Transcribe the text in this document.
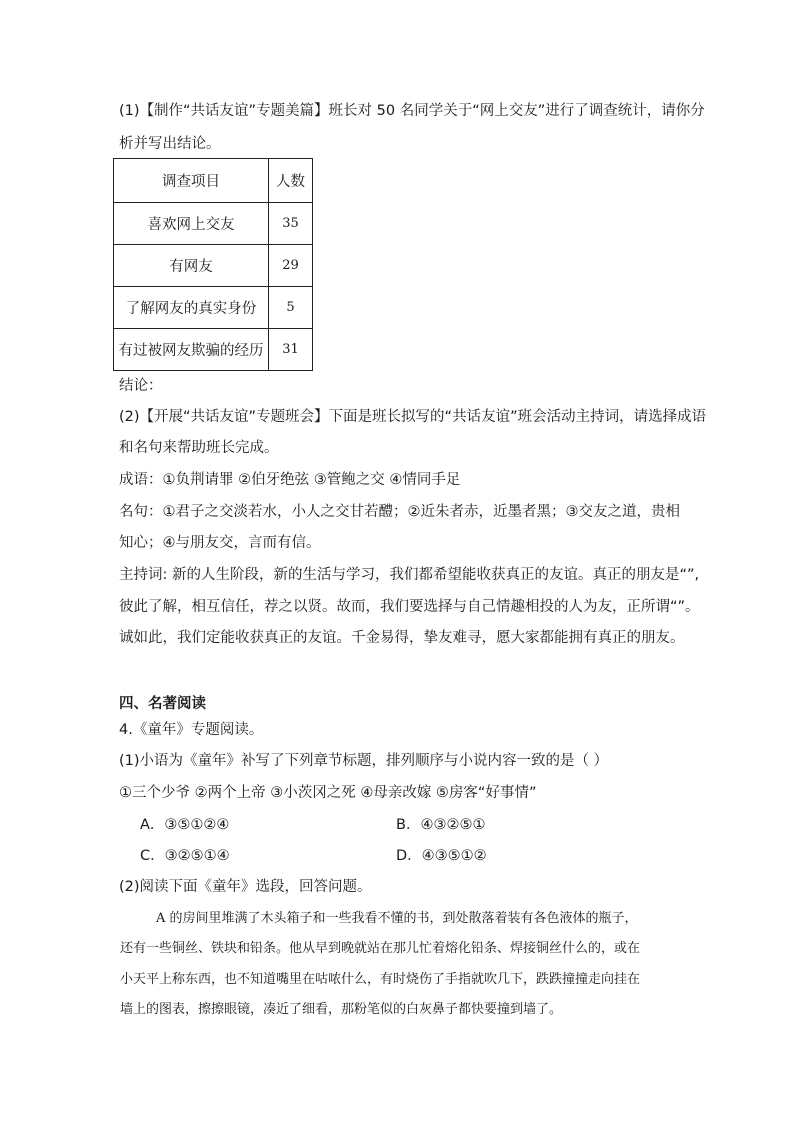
(1)【制作“共话友谊”专题美篇】班长对 50 名同学关于“网上交友”进行了调查统计，请你分
析并写出结论。
调查项目	人数
喜欢网上交友	35
有网友	29
了解网友的真实身份	5
有过被网友欺骗的经历	31
结论：
(2)【开展“共话友谊”专题班会】下面是班长拟写的“共话友谊”班会活动主持词，请选择成语
和名句来帮助班长完成。
成语：①负荆请罪 ②伯牙绝弦 ③管鲍之交 ④情同手足
名句：①君子之交淡若水，小人之交甘若醴；②近朱者赤，近墨者黑；③交友之道，贵相
知心；④与朋友交，言而有信。
主持词: 新的人生阶段，新的生活与学习，我们都希望能收获真正的友谊。真正的朋友是“”,
彼此了解，相互信任，荐之以贤。故而，我们要选择与自己情趣相投的人为友，正所谓“”。
诚如此，我们定能收获真正的友谊。千金易得，挚友难寻，愿大家都能拥有真正的朋友。
四、名著阅读
4.《童年》专题阅读。
(1)小语为《童年》补写了下列章节标题，排列顺序与小说内容一致的是（ ）
①三个少爷 ②两个上帝 ③小茨冈之死 ④母亲改嫁 ⑤房客“好事情”
A．③⑤①②④	B．④③②⑤①
C．③②⑤①④	D．④③⑤①②
(2)阅读下面《童年》选段，回答问题。
A 的房间里堆满了木头箱子和一些我看不懂的书，到处散落着装有各色液体的瓶子，
还有一些铜丝、铁块和铅条。他从早到晚就站在那儿忙着熔化铅条、焊接铜丝什么的，或在
小天平上称东西，也不知道嘴里在咕哝什么，有时烧伤了手指就吹几下，跌跌撞撞走向挂在
墙上的图表，擦擦眼镜，凑近了细看，那粉笔似的白灰鼻子都快要撞到墙了。
